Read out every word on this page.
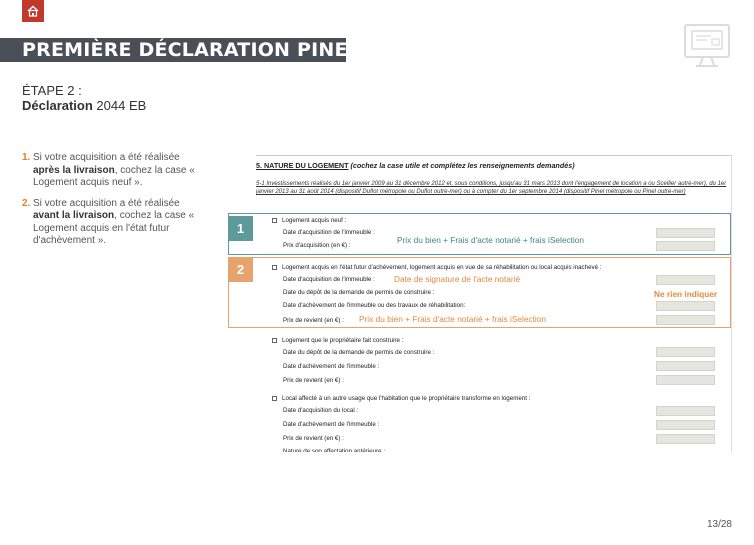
PREMIÈRE DÉCLARATION PINEL
ÉTAPE 2 :
Déclaration 2044 EB
1. Si votre acquisition a été réalisée après la livraison, cochez la case « Logement acquis neuf ».
2. Si votre acquisition a été réalisée avant la livraison, cochez la case « Logement acquis en l'état futur d'achèvement ».
5. NATURE DU LOGEMENT (cochez la case utile et complétez les renseignements demandés)
5-1 Investissements réalisés du 1er janvier 2009 au 31 décembre 2012 et, sous conditions, jusqu'au 31 mars 2013 dont l'engagement de location a ou Scellier autre-mer), du 1er janvier 2013 au 31 août 2014 (dispositif Duflot métropole ou Duflot outre-mer) ou à compter du 1er septembre 2014 (dispositif Pinel métropole ou Pinel outre-mer)
Logement acquis neuf :
Date d'acquisition de l'immeuble :
Prix d'acquisition (en €) :
Logement acquis en l'état futur d'achèvement, logement acquis en vue de sa réhabilitation ou local acquis inachevé :
Date d'acquisition de l'immeuble :
Date du dépôt de la demande de permis de construire :
Date d'achèvement de l'immeuble ou des travaux de réhabilitation:
Prix de revient (en €) :
Logement que le propriétaire fait construire :
Date du dépôt de la demande de permis de construire :
Date d'achèvement de l'immeuble :
Prix de revient (en €) :
Local affecté à un autre usage que l'habitation que le propriétaire transforme en logement :
Date d'acquisition du local :
Date d'achèvement de l'immeuble :
Prix de revient (en €) :
Nature de son affectation antérieure :
1
2
Prix du bien + Frais d'acte notarié + frais iSelection
Date de signature de l'acte notarié
Ne rien indiquer
Prix du bien + Frais d'acte notarié + frais iSelection
13/28
